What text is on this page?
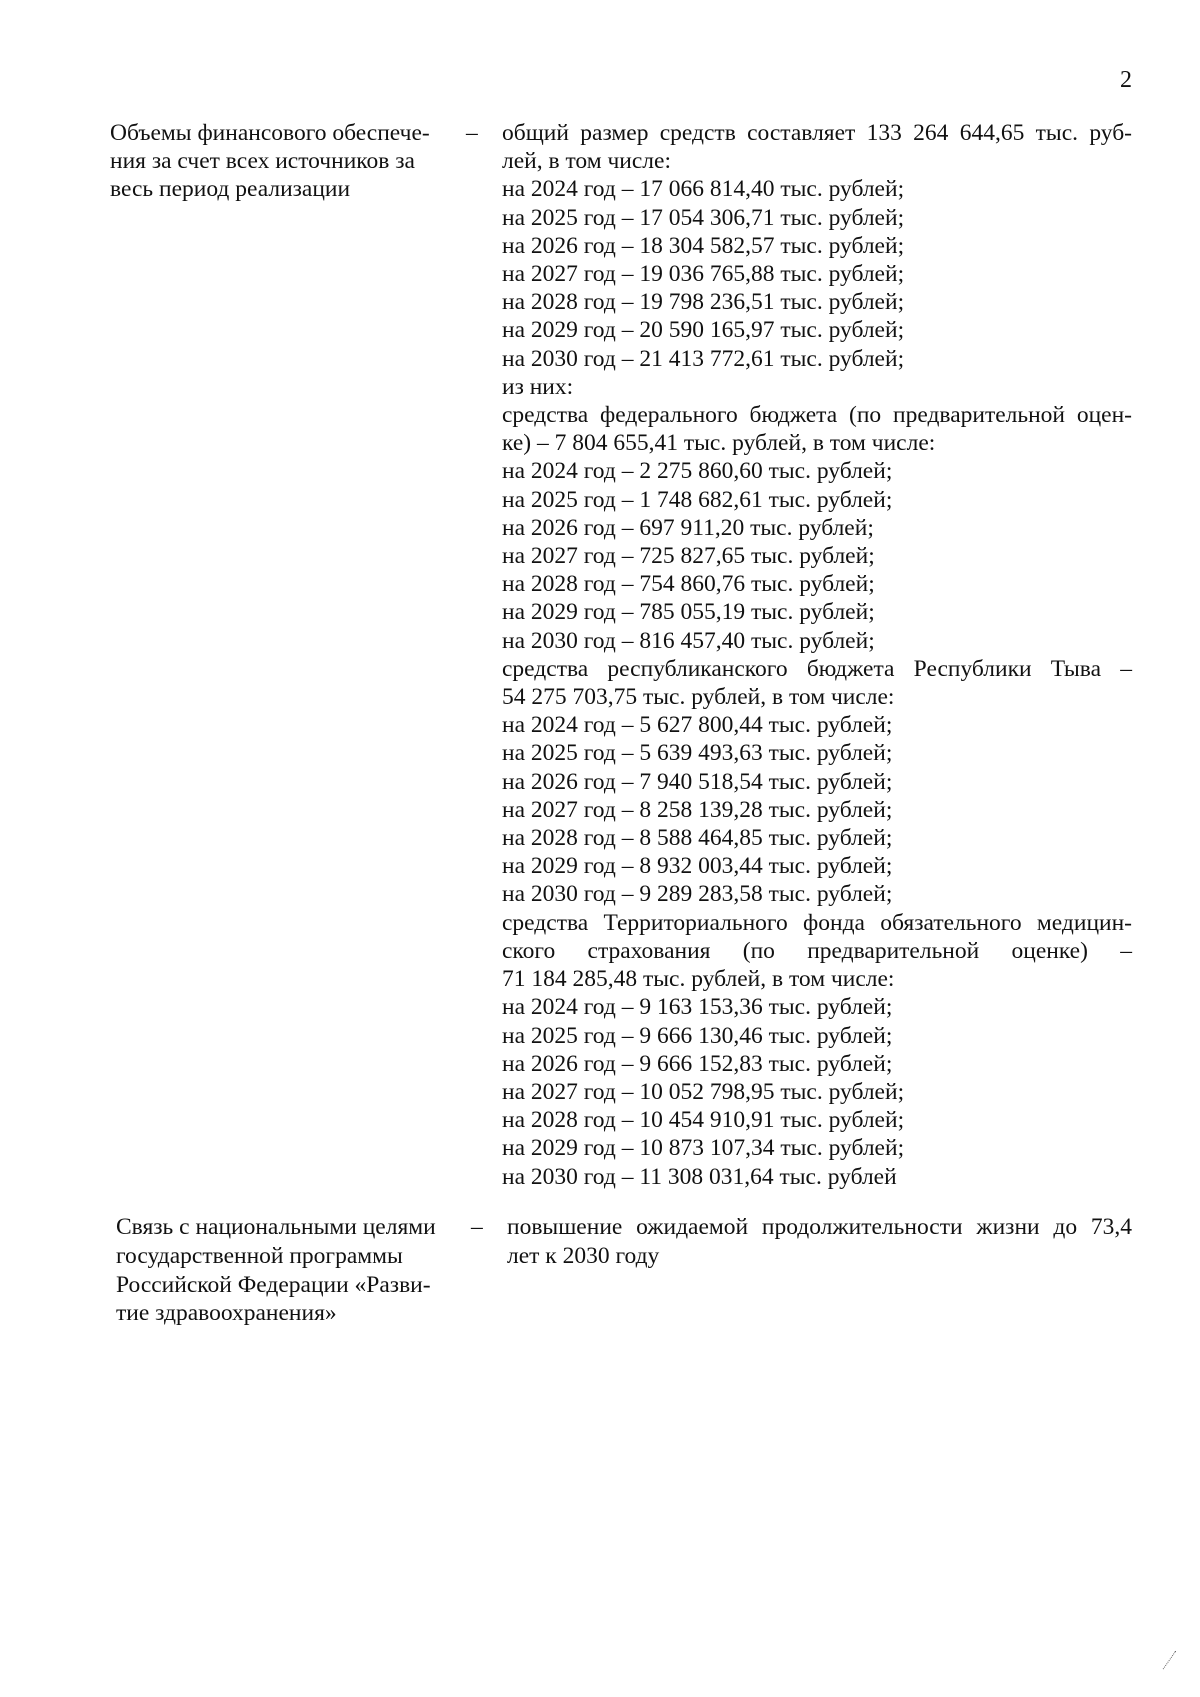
2
Объемы финансового обеспече-
ния за счет всех источников за
весь период реализации
– общий размер средств составляет 133 264 644,65 тыс. руб-
лей, в том числе:
на 2024 год – 17 066 814,40 тыс. рублей;
на 2025 год – 17 054 306,71 тыс. рублей;
на 2026 год – 18 304 582,57 тыс. рублей;
на 2027 год – 19 036 765,88 тыс. рублей;
на 2028 год – 19 798 236,51 тыс. рублей;
на 2029 год – 20 590 165,97 тыс. рублей;
на 2030 год – 21 413 772,61 тыс. рублей;
из них:
средства федерального бюджета (по предварительной оцен-
ке) – 7 804 655,41 тыс. рублей, в том числе:
на 2024 год – 2 275 860,60 тыс. рублей;
на 2025 год – 1 748 682,61 тыс. рублей;
на 2026 год – 697 911,20 тыс. рублей;
на 2027 год – 725 827,65 тыс. рублей;
на 2028 год – 754 860,76 тыс. рублей;
на 2029 год – 785 055,19 тыс. рублей;
на 2030 год – 816 457,40 тыс. рублей;
средства республиканского бюджета Республики Тыва –
54 275 703,75 тыс. рублей, в том числе:
на 2024 год – 5 627 800,44 тыс. рублей;
на 2025 год – 5 639 493,63 тыс. рублей;
на 2026 год – 7 940 518,54 тыс. рублей;
на 2027 год – 8 258 139,28 тыс. рублей;
на 2028 год – 8 588 464,85 тыс. рублей;
на 2029 год – 8 932 003,44 тыс. рублей;
на 2030 год – 9 289 283,58 тыс. рублей;
средства Территориального фонда обязательного медицин-
ского страхования (по предварительной оценке) –
71 184 285,48 тыс. рублей, в том числе:
на 2024 год – 9 163 153,36 тыс. рублей;
на 2025 год – 9 666 130,46 тыс. рублей;
на 2026 год – 9 666 152,83 тыс. рублей;
на 2027 год – 10 052 798,95 тыс. рублей;
на 2028 год – 10 454 910,91 тыс. рублей;
на 2029 год – 10 873 107,34 тыс. рублей;
на 2030 год – 11 308 031,64 тыс. рублей
Связь с национальными целями
государственной программы
Российской Федерации «Разви-
тие здравоохранения»
– повышение ожидаемой продолжительности жизни до 73,4
лет к 2030 году
